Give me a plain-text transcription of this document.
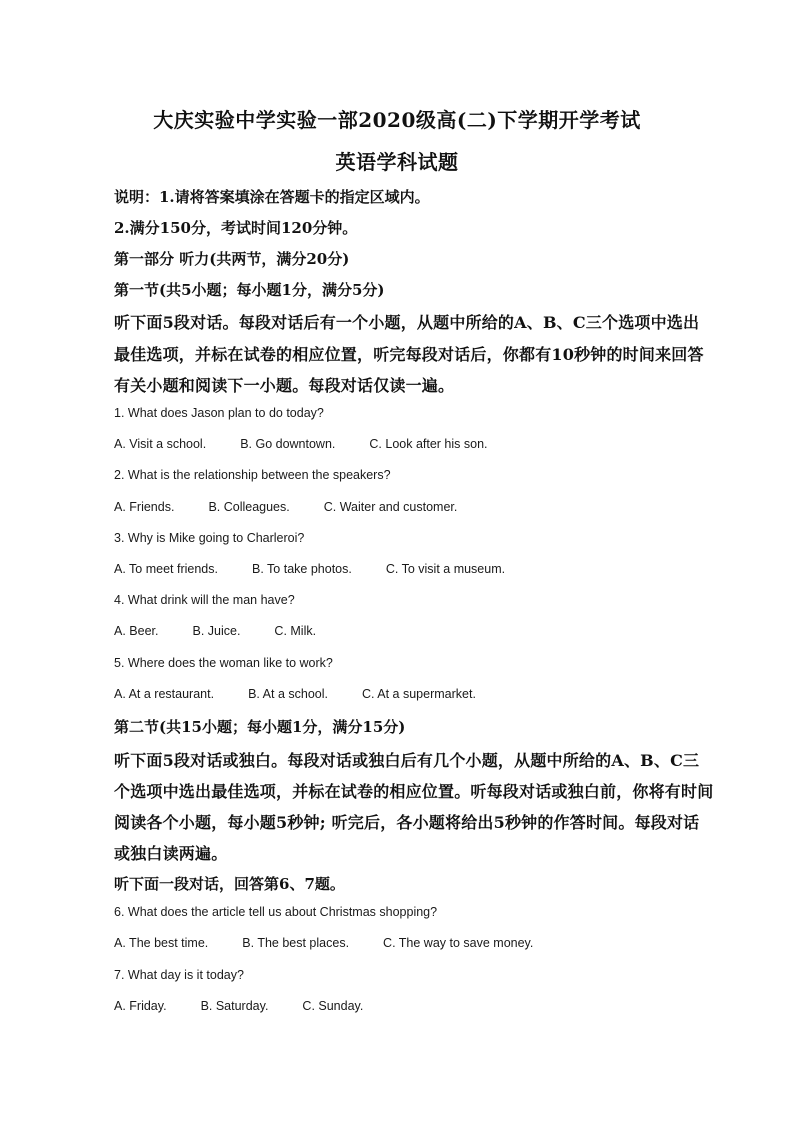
大庆实验中学实验一部2020级高(二)下学期开学考试
英语学科试题
说明：1.请将答案填涂在答题卡的指定区域内。
2.满分150分，考试时间120分钟。
第一部分 听力(共两节，满分20分)
第一节(共5小题；每小题1分，满分5分)
听下面5段对话。每段对话后有一个小题，从题中所给的A、B、C三个选项中选出
最佳选项，并标在试卷的相应位置，听完每段对话后，你都有10秒钟的时间来回答
有关小题和阅读下一小题。每段对话仅读一遍。
1. What does Jason plan to do today?
A. Visit a school.	B. Go downtown.	C. Look after his son.
2. What is the relationship between the speakers?
A. Friends.	B. Colleagues.	C. Waiter and customer.
3. Why is Mike going to Charleroi?
A. To meet friends.	B. To take photos.	C. To visit a museum.
4. What drink will the man have?
A. Beer.	B. Juice.	C. Milk.
5. Where does the woman like to work?
A. At a restaurant.	B. At a school.	C. At a supermarket.
第二节(共15小题；每小题1分，满分15分)
听下面5段对话或独白。每段对话或独白后有几个小题，从题中所给的A、B、C三
个选项中选出最佳选项，并标在试卷的相应位置。听每段对话或独白前，你将有时间
阅读各个小题，每小题5秒钟; 听完后，各小题将给出5秒钟的作答时间。每段对话
或独白读两遍。
听下面一段对话，回答第6、7题。
6. What does the article tell us about Christmas shopping?
A. The best time.	B. The best places.	C. The way to save money.
7. What day is it today?
A. Friday.	B. Saturday.	C. Sunday.
